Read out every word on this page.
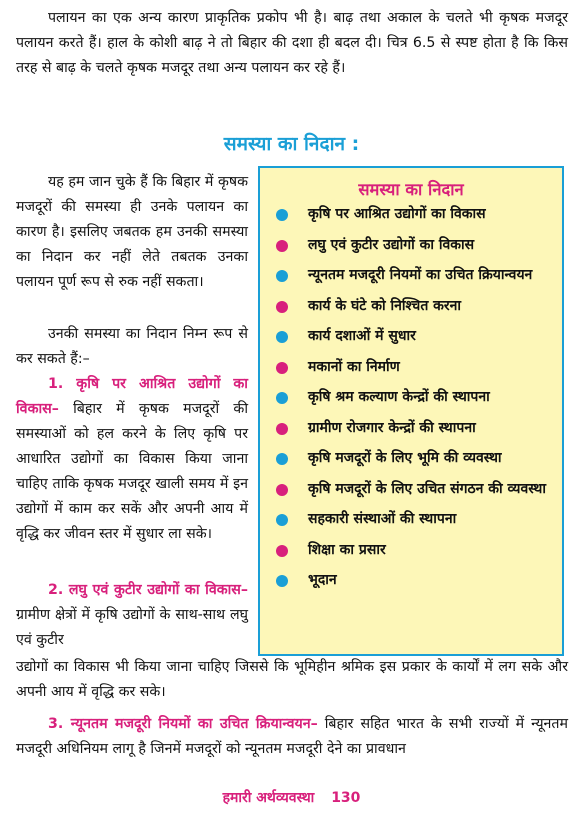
पलायन का एक अन्य कारण प्राकृतिक प्रकोप भी है। बाढ़ तथा अकाल के चलते भी कृषक मजदूर पलायन करते हैं। हाल के कोशी बाढ़ ने तो बिहार की दशा ही बदल दी। चित्र 6.5 से स्पष्ट होता है कि किस तरह से बाढ़ के चलते कृषक मजदूर तथा अन्य पलायन कर रहे हैं।

समस्या का निदान :

यह हम जान चुके हैं कि बिहार में कृषक मजदूरों की समस्या ही उनके पलायन का कारण है। इसलिए जबतक हम उनकी समस्या का निदान कर नहीं लेते तबतक उनका पलायन पूर्ण रूप से रुक नहीं सकता।

उनकी समस्या का निदान निम्न रूप से कर सकते हैं:–

1. कृषि पर आश्रित उद्योगों का विकास– बिहार में कृषक मजदूरों की समस्याओं को हल करने के लिए कृषि पर आधारित उद्योगों का विकास किया जाना चाहिए ताकि कृषक मजदूर खाली समय में इन उद्योगों में काम कर सकें और अपनी आय में वृद्धि कर जीवन स्तर में सुधार ला सके।

2. लघु एवं कुटीर उद्योगों का विकास– ग्रामीण क्षेत्रों में कृषि उद्योगों के साथ-साथ लघु एवं कुटीर

उद्योगों का विकास भी किया जाना चाहिए जिससे कि भूमिहीन श्रमिक इस प्रकार के कार्यों में लग सके और अपनी आय में वृद्धि कर सके।

3. न्यूनतम मजदूरी नियमों का उचित क्रियान्वयन– बिहार सहित भारत के सभी राज्यों में न्यूनतम मजदूरी अधिनियम लागू है जिनमें मजदूरों को न्यूनतम मजदूरी देने का प्रावधान

समस्या का निदान
कृषि पर आश्रित उद्योगों का विकास
लघु एवं कुटीर उद्योगों का विकास
न्यूनतम मजदूरी नियमों का उचित क्रियान्वयन
कार्य के घंटे को निश्चित करना
कार्य दशाओं में सुधार
मकानों का निर्माण
कृषि श्रम कल्याण केन्द्रों की स्थापना
ग्रामीण रोजगार केन्द्रों की स्थापना
कृषि मजदूरों के लिए भूमि की व्यवस्था
कृषि मजदूरों के लिए उचित संगठन की व्यवस्था
सहकारी संस्थाओं की स्थापना
शिक्षा का प्रसार
भूदान
हमारी अर्थव्यवस्था 130
